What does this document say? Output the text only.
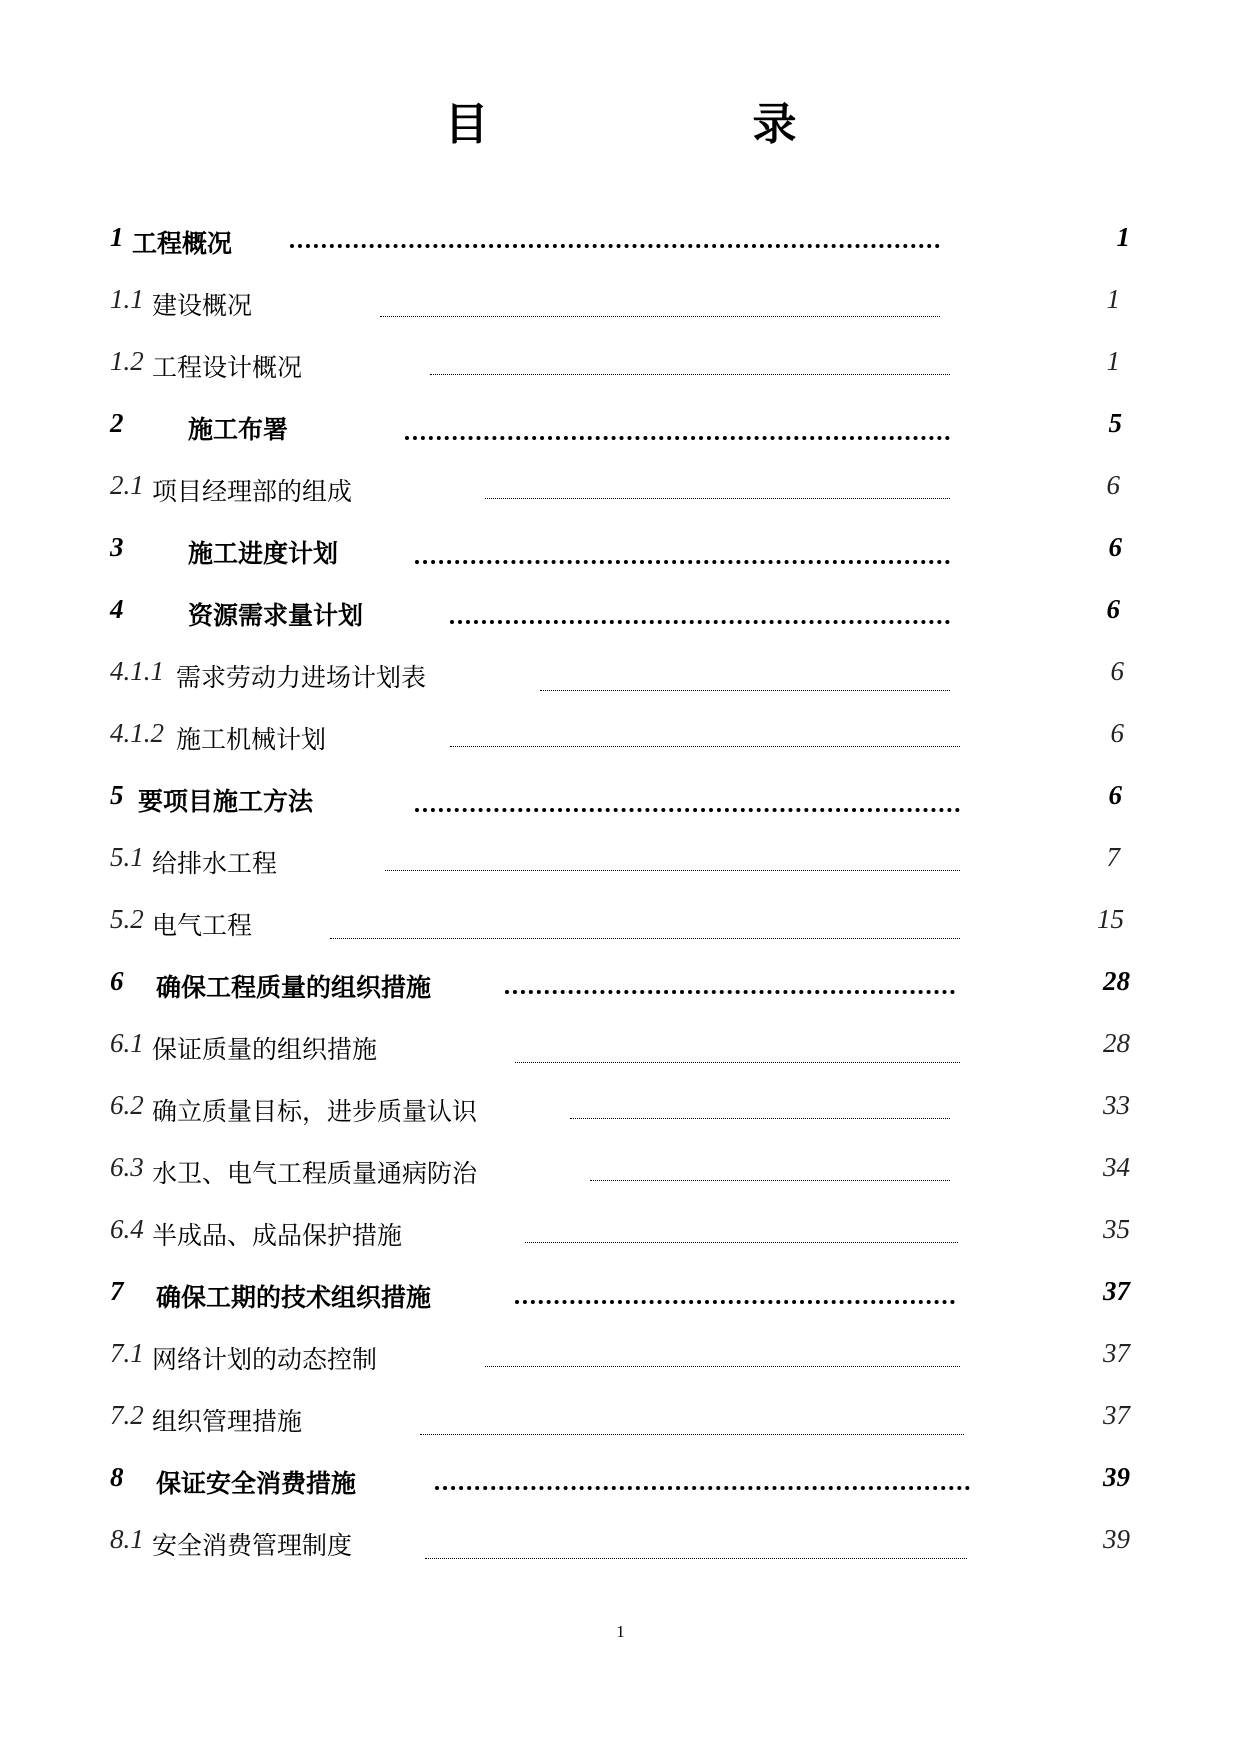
目　录
1 工程概况	1
1.1 建设概况	1
1.2 工程设计概况	1
2	施工布署	5
2.1 项目经理部的组成	6
3	施工进度计划	6
4	资源需求量计划	6
4.1.1 需求劳动力进场计划表	6
4.1.2 施工机械计划	6
5 要项目施工方法	6
5.1 给排水工程	7
5.2 电气工程	15
6 确保工程质量的组织措施	28
6.1 保证质量的组织措施	28
6.2 确立质量目标，进步质量认识	33
6.3 水卫、电气工程质量通病防治	34
6.4 半成品、成品保护措施	35
7 确保工期的技术组织措施	37
7.1 网络计划的动态控制	37
7.2 组织管理措施	37
8 保证安全消费措施	39
8.1 安全消费管理制度	39
1
